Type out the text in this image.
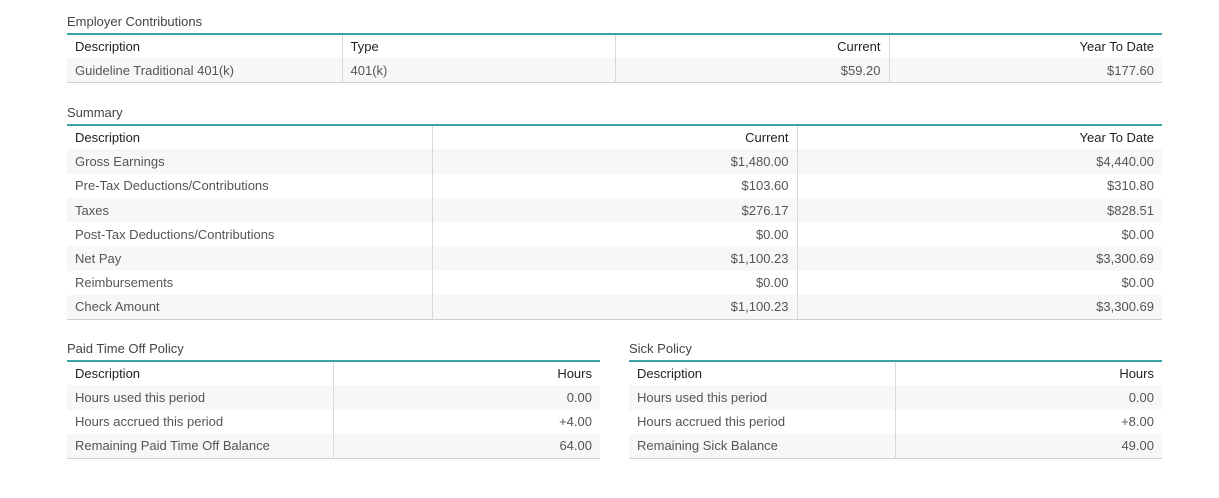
Employer Contributions
Description	Type	Current	Year To Date
Guideline Traditional 401(k)	401(k)	$59.20	$177.60
Summary
Description	Current	Year To Date
Gross Earnings	$1,480.00	$4,440.00
Pre-Tax Deductions/Contributions	$103.60	$310.80
Taxes	$276.17	$828.51
Post-Tax Deductions/Contributions	$0.00	$0.00
Net Pay	$1,100.23	$3,300.69
Reimbursements	$0.00	$0.00
Check Amount	$1,100.23	$3,300.69
Paid Time Off Policy
Description	Hours
Hours used this period	0.00
Hours accrued this period	+4.00
Remaining Paid Time Off Balance	64.00
Sick Policy
Description	Hours
Hours used this period	0.00
Hours accrued this period	+8.00
Remaining Sick Balance	49.00
